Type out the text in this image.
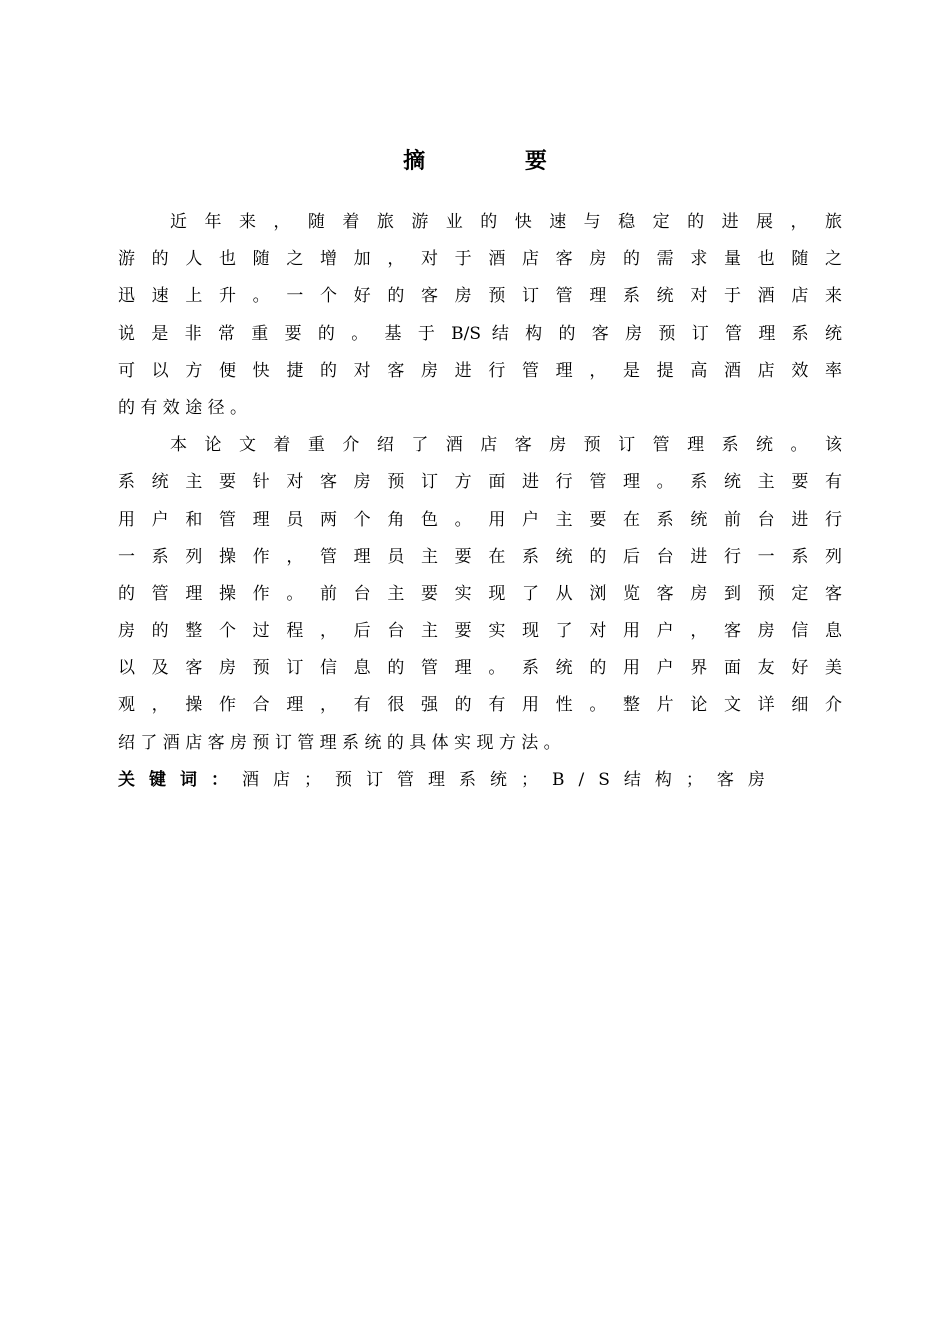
摘 要
近 年 来 ， 随 着 旅 游 业 的 快 速 与 稳 定 的 进 展 ， 旅
游 的 人 也 随 之 增 加 ， 对 于 酒 店 客 房 的 需 求 量 也 随 之
迅 速 上 升 。 一 个 好 的 客 房 预 订 管 理 系 统 对 于 酒 店 来
说 是 非 常 重 要 的 。 基 于 B/S 结 构 的 客 房 预 订 管 理 系 统
可 以 方 便 快 捷 的 对 客 房 进 行 管 理 ， 是 提 高 酒 店 效 率
的 有 效 途 径 。
本 论 文 着 重 介 绍 了 酒 店 客 房 预 订 管 理 系 统 。 该
系 统 主 要 针 对 客 房 预 订 方 面 进 行 管 理 。 系 统 主 要 有
用 户 和 管 理 员 两 个 角 色 。 用 户 主 要 在 系 统 前 台 进 行
一 系 列 操 作 ， 管 理 员 主 要 在 系 统 的 后 台 进 行 一 系 列
的 管 理 操 作 。 前 台 主 要 实 现 了 从 浏 览 客 房 到 预 定 客
房 的 整 个 过 程 ， 后 台 主 要 实 现 了 对 用 户 ， 客 房 信 息
以 及 客 房 预 订 信 息 的 管 理 。 系 统 的 用 户 界 面 友 好 美
观 ， 操 作 合 理 ， 有 很 强 的 有 用 性 。 整 片 论 文 详 细 介
绍 了 酒 店 客 房 预 订 管 理 系 统 的 具 体 实 现 方 法 。
关键词：酒店；预订管理系统；B/S结构；客房
